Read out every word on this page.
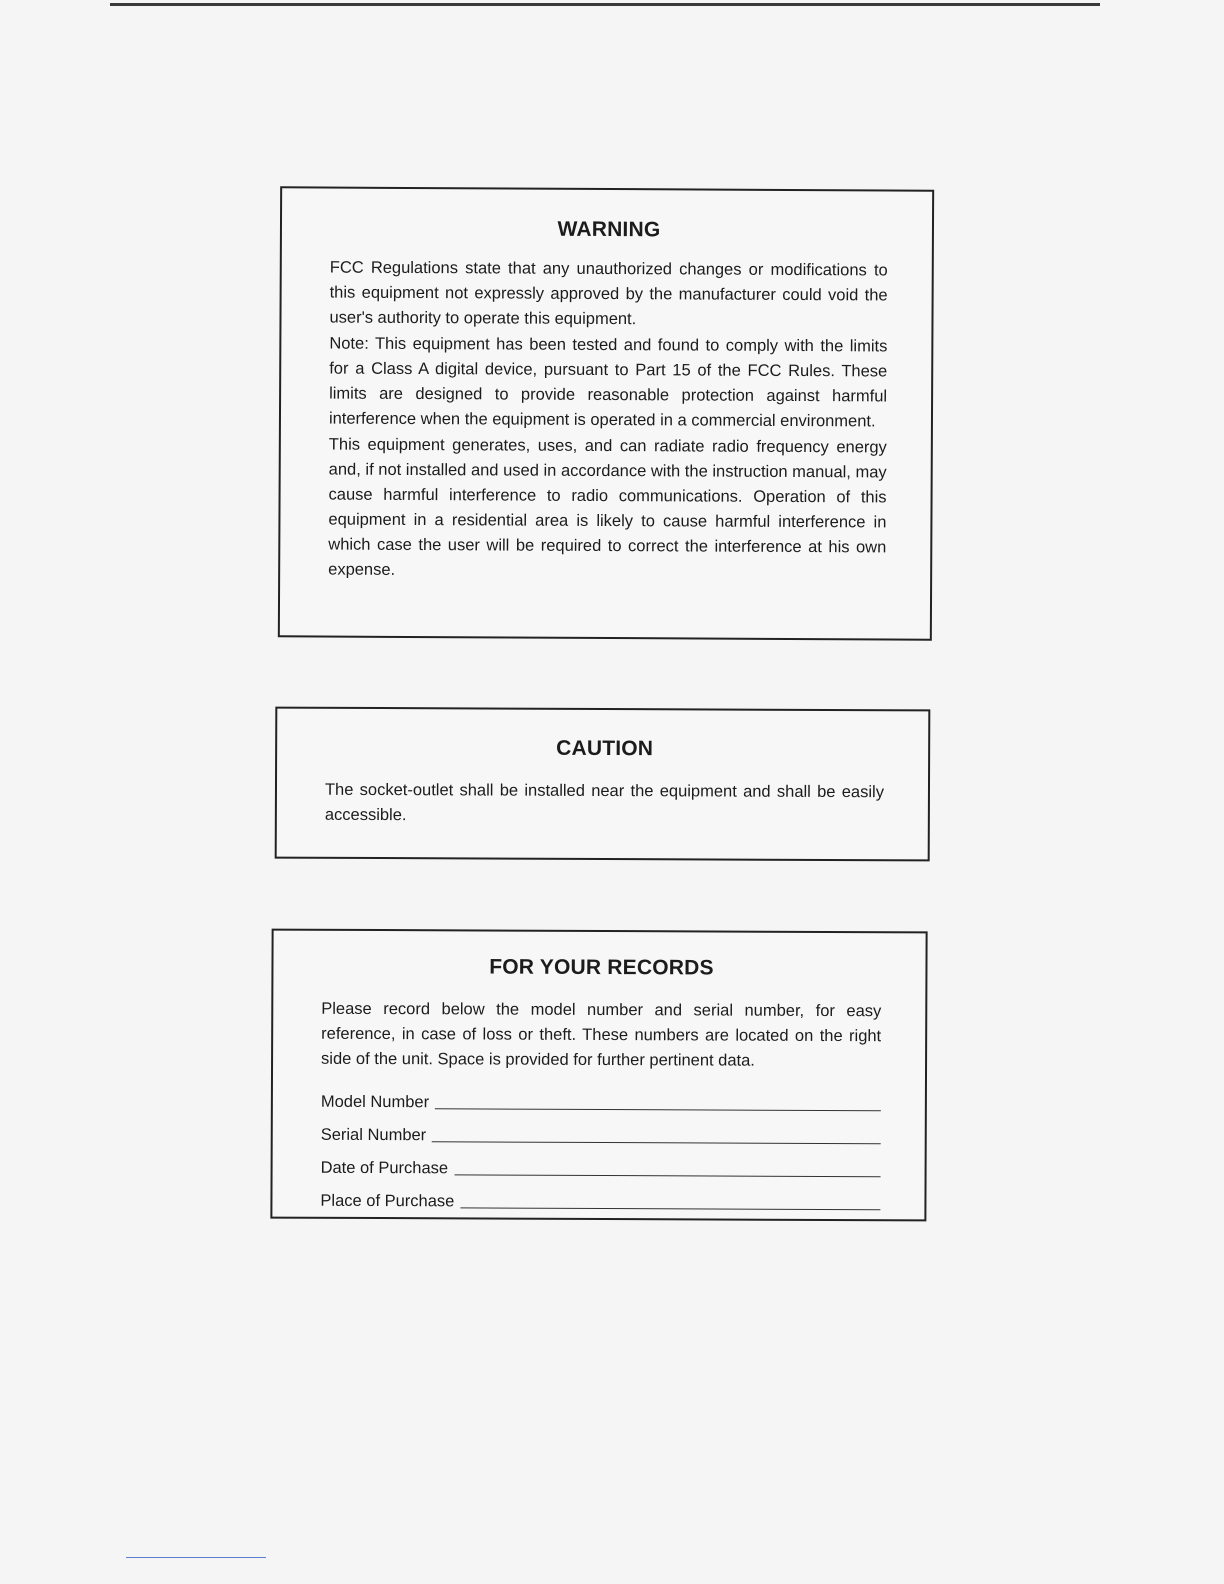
WARNING

FCC Regulations state that any unauthorized changes or modifications to this equipment not expressly approved by the manufacturer could void the user's authority to operate this equipment.

Note: This equipment has been tested and found to comply with the limits for a Class A digital device, pursuant to Part 15 of the FCC Rules. These limits are designed to provide reasonable protection against harmful interference when the equipment is operated in a commercial environment.

This equipment generates, uses, and can radiate radio frequency energy and, if not installed and used in accordance with the instruction manual, may cause harmful interference to radio communications. Operation of this equipment in a residential area is likely to cause harmful interference in which case the user will be required to correct the interference at his own expense.

CAUTION

The socket-outlet shall be installed near the equipment and shall be easily accessible.

FOR YOUR RECORDS

Please record below the model number and serial number, for easy reference, in case of loss or theft. These numbers are located on the right side of the unit. Space is provided for further pertinent data.

Model Number
Serial Number
Date of Purchase
Place of Purchase
